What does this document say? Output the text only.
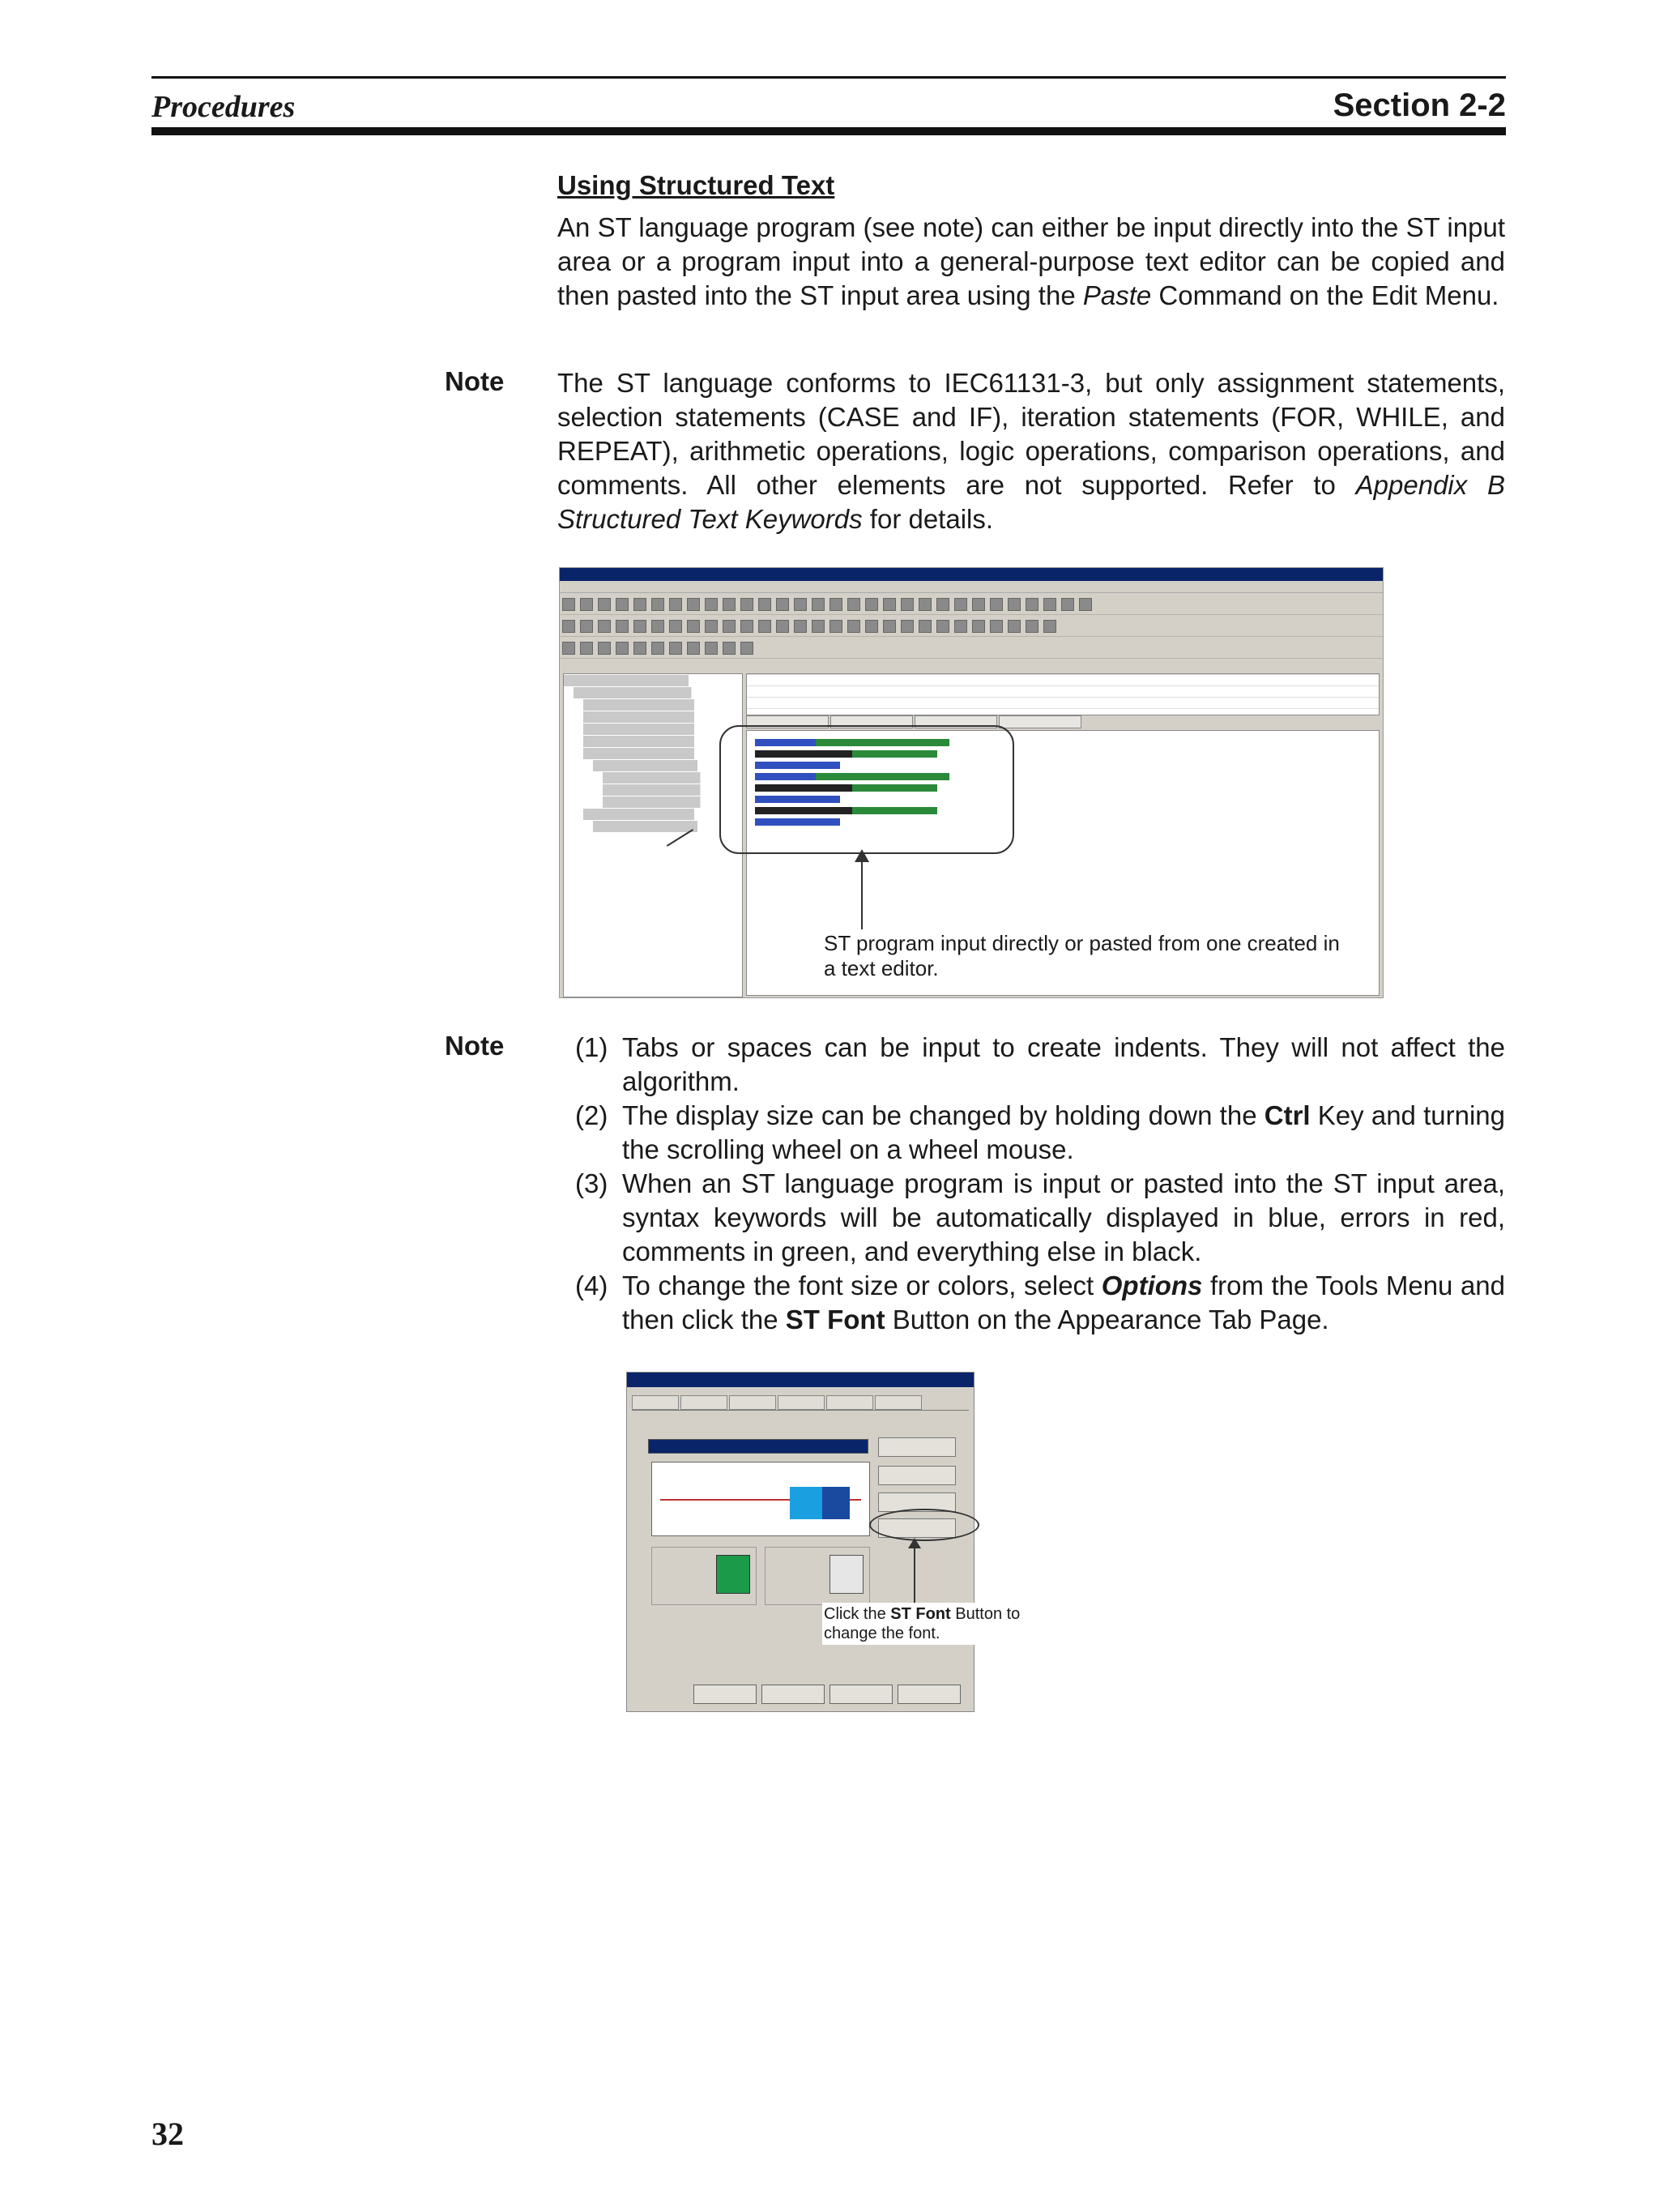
Procedures	Section 2-2
Using Structured Text
An ST language program (see note) can either be input directly into the ST input area or a program input into a general-purpose text editor can be copied and then pasted into the ST input area using the Paste Command on the Edit Menu.
Note The ST language conforms to IEC61131-3, but only assignment statements, selection statements (CASE and IF), iteration statements (FOR, WHILE, and REPEAT), arithmetic operations, logic operations, comparison operations, and comments. All other elements are not supported. Refer to Appendix B Structured Text Keywords for details.
ST program input directly or pasted from one created in a text editor.
Note	(1) Tabs or spaces can be input to create indents. They will not affect the algorithm.
(2) The display size can be changed by holding down the Ctrl Key and turning the scrolling wheel on a wheel mouse.
(3) When an ST language program is input or pasted into the ST input area, syntax keywords will be automatically displayed in blue, errors in red, comments in green, and everything else in black.
(4) To change the font size or colors, select Options from the Tools Menu and then click the ST Font Button on the Appearance Tab Page.
Click the ST Font Button to change the font.
32
